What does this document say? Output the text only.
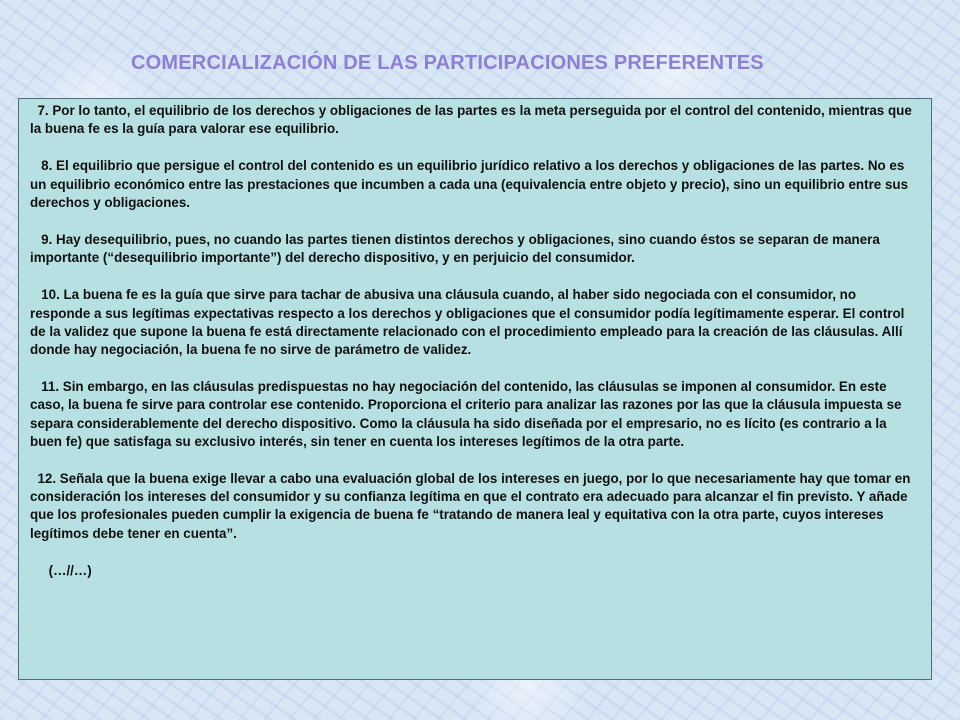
COMERCIALIZACIÓN DE LAS PARTICIPACIONES PREFERENTES

7. Por lo tanto, el equilibrio de los derechos y obligaciones de las partes es la meta perseguida por el control del contenido, mientras que la buena fe es la guía para valorar ese equilibrio.

8. El equilibrio que persigue el control del contenido es un equilibrio jurídico relativo a los derechos y obligaciones de las partes. No es un equilibrio económico entre las prestaciones que incumben a cada una (equivalencia entre objeto y precio), sino un equilibrio entre sus derechos y obligaciones.

9. Hay desequilibrio, pues, no cuando las partes tienen distintos derechos y obligaciones, sino cuando éstos se separan de manera importante (“desequilibrio importante”) del derecho dispositivo, y en perjuicio del consumidor.

10. La buena fe es la guía que sirve para tachar de abusiva una cláusula cuando, al haber sido negociada con el consumidor, no responde a sus legítimas expectativas respecto a los derechos y obligaciones que el consumidor podía legítimamente esperar. El control de la validez que supone la buena fe está directamente relacionado con el procedimiento empleado para la creación de las cláusulas. Allí donde hay negociación, la buena fe no sirve de parámetro de validez.

11. Sin embargo, en las cláusulas predispuestas no hay negociación del contenido, las cláusulas se imponen al consumidor. En este caso, la buena fe sirve para controlar ese contenido. Proporciona el criterio para analizar las razones por las que la cláusula impuesta se separa considerablemente del derecho dispositivo. Como la cláusula ha sido diseñada por el empresario, no es lícito (es contrario a la buen fe) que satisfaga su exclusivo interés, sin tener en cuenta los intereses legítimos de la otra parte.

12. Señala que la buena exige llevar a cabo una evaluación global de los intereses en juego, por lo que necesariamente hay que tomar en consideración los intereses del consumidor y su confianza legítima en que el contrato era adecuado para alcanzar el fin previsto. Y añade que los profesionales pueden cumplir la exigencia de buena fe “tratando de manera leal y equitativa con la otra parte, cuyos intereses legítimos debe tener en cuenta”.

(…//…)
